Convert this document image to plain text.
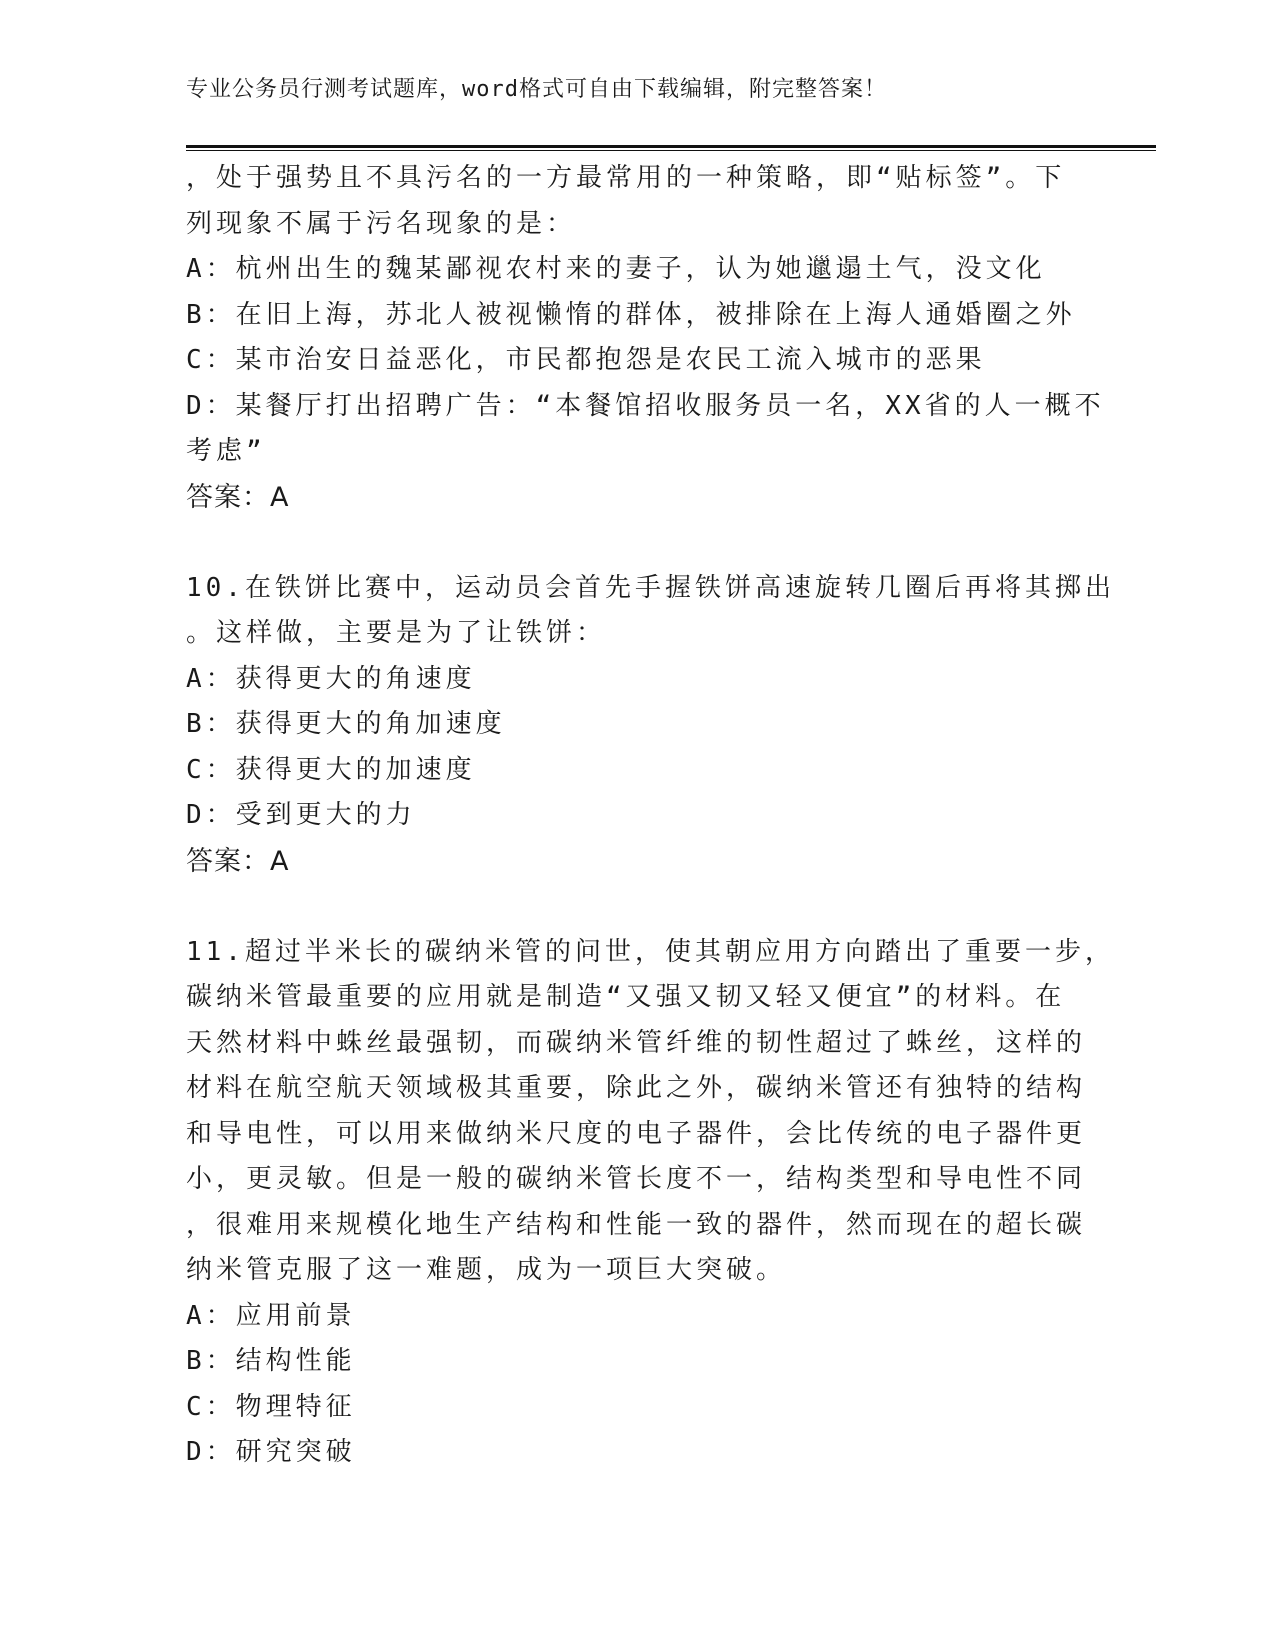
专业公务员行测考试题库，word格式可自由下载编辑，附完整答案！
，处于强势且不具污名的一方最常用的一种策略，即“贴标签”。下
列现象不属于污名现象的是：
A：杭州出生的魏某鄙视农村来的妻子，认为她邋遢土气，没文化
B：在旧上海，苏北人被视懒惰的群体，被排除在上海人通婚圈之外
C：某市治安日益恶化，市民都抱怨是农民工流入城市的恶果
D：某餐厅打出招聘广告：“本餐馆招收服务员一名，XX省的人一概不
考虑”
答案：A
10.在铁饼比赛中，运动员会首先手握铁饼高速旋转几圈后再将其掷出
。这样做，主要是为了让铁饼：
A：获得更大的角速度
B：获得更大的角加速度
C：获得更大的加速度
D：受到更大的力
答案：A
11.超过半米长的碳纳米管的问世，使其朝应用方向踏出了重要一步，
碳纳米管最重要的应用就是制造“又强又韧又轻又便宜”的材料。在
天然材料中蛛丝最强韧，而碳纳米管纤维的韧性超过了蛛丝，这样的
材料在航空航天领域极其重要，除此之外，碳纳米管还有独特的结构
和导电性，可以用来做纳米尺度的电子器件，会比传统的电子器件更
小，更灵敏。但是一般的碳纳米管长度不一，结构类型和导电性不同
，很难用来规模化地生产结构和性能一致的器件，然而现在的超长碳
纳米管克服了这一难题，成为一项巨大突破。
A：应用前景
B：结构性能
C：物理特征
D：研究突破
